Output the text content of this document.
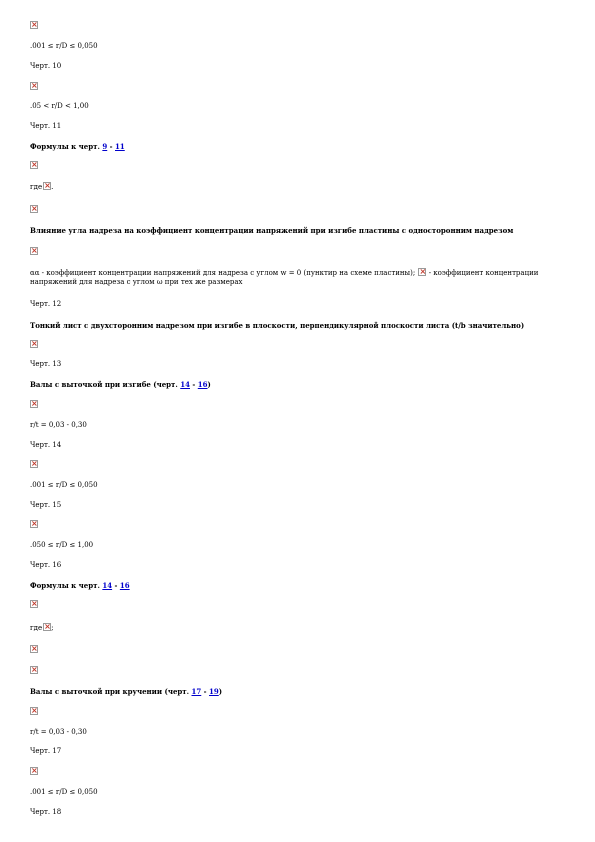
×
.001 ≤ r/D ≤ 0,050
Черт. 10
×
.05 < r/D < 1,00
Черт. 11
Формулы к черт. 9 - 11
×
где × .
×
Влияние угла надреза на коэффициент концентрации напряжений при изгибе пластины с односторонним надрезом
×
αα - коэффициент концентрации напряжений для надреза с углом w = 0 (пунктир на схеме пластины); × - коэффициент концентрации
напряжений для надреза с углом ω при тех же размерах
Черт. 12
Тонкий лист с двухсторонним надрезом при изгибе в плоскости, перпендикулярной плоскости листа (t/b значительно)
×
Черт. 13
Валы с выточкой при изгибе (черт. 14 - 16)
×
r/t = 0,03 - 0,30
Черт. 14
×
.001 ≤ r/D ≤ 0,050
Черт. 15
×
.050 ≤ r/D ≤ 1,00
Черт. 16
Формулы к черт. 14 - 16
×
где × ;
×
×
Валы с выточкой при кручении (черт. 17 - 19)
×
r/t = 0,03 - 0,30
Черт. 17
×
.001 ≤ r/D ≤ 0,050
Черт. 18
